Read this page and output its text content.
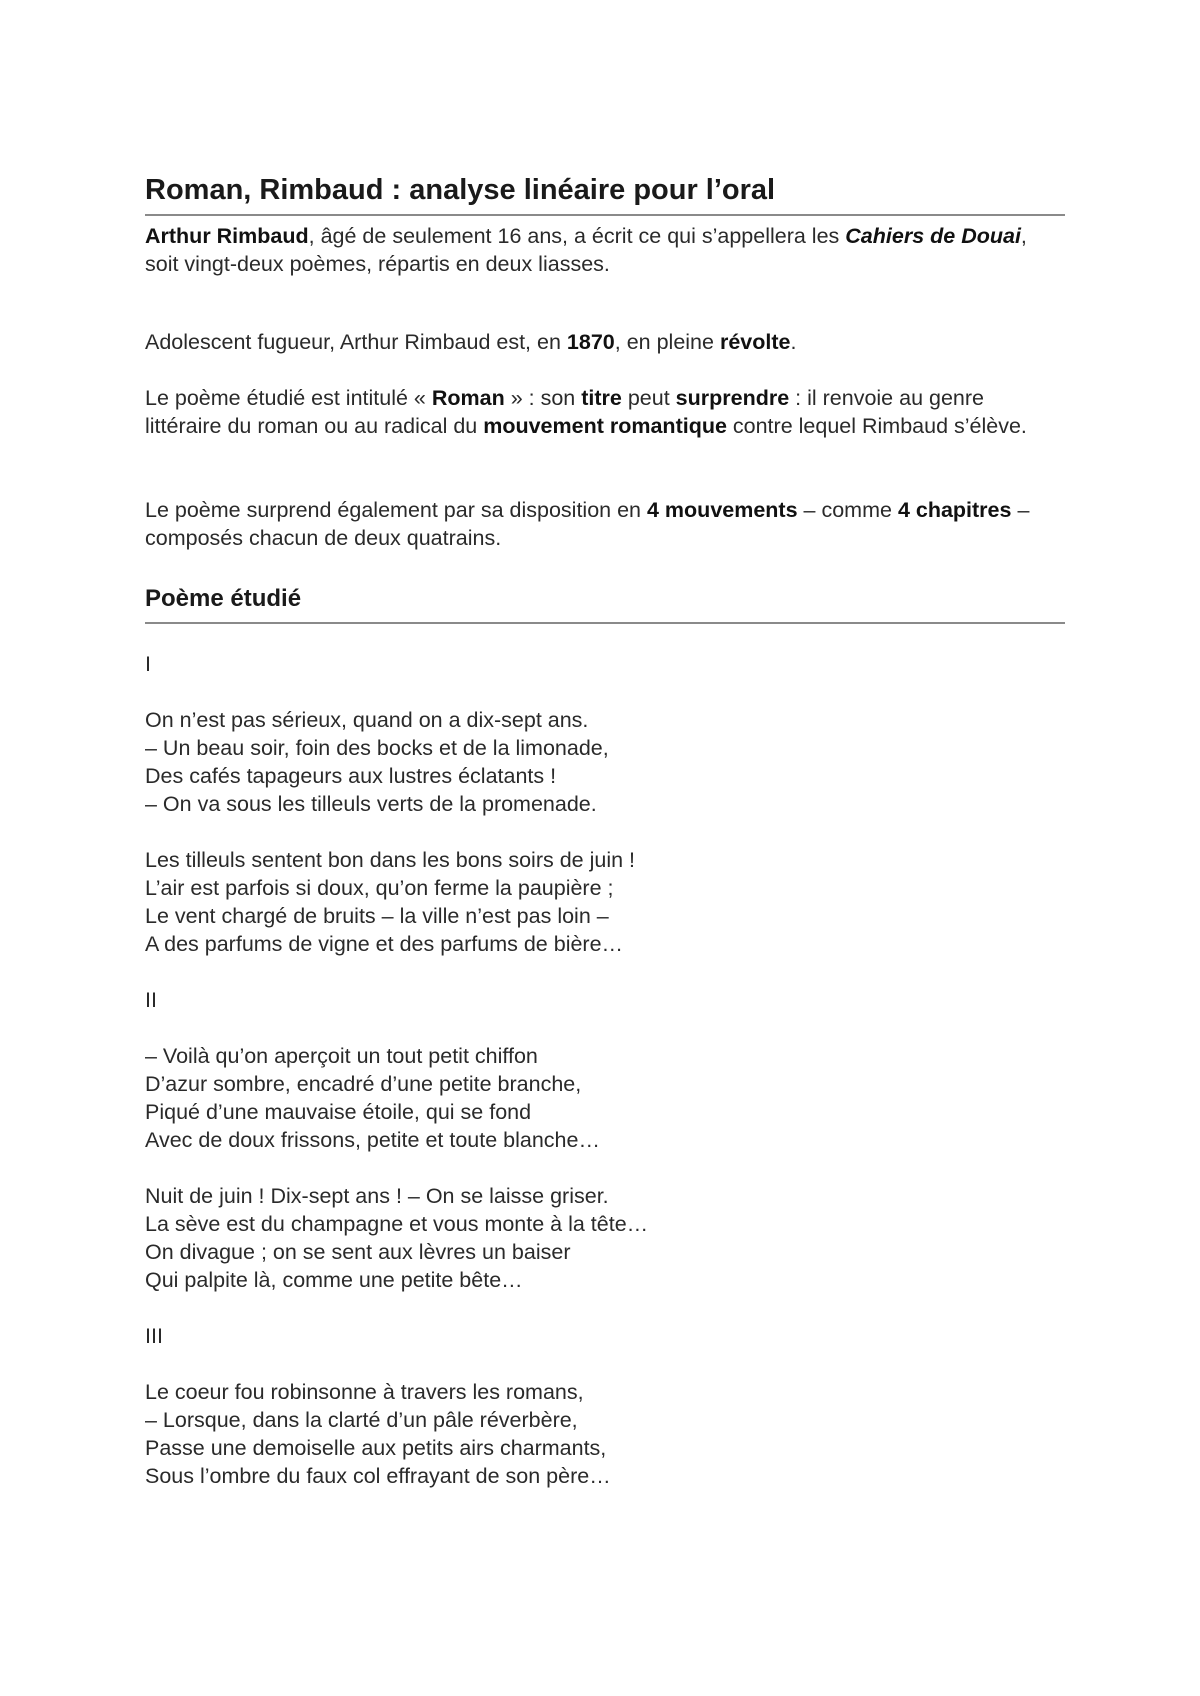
Roman, Rimbaud : analyse linéaire pour l’oral

Arthur Rimbaud, âgé de seulement 16 ans, a écrit ce qui s’appellera les Cahiers de Douai, soit vingt-deux poèmes, répartis en deux liasses.

Adolescent fugueur, Arthur Rimbaud est, en 1870, en pleine révolte.

Le poème étudié est intitulé « Roman » : son titre peut surprendre : il renvoie au genre littéraire du roman ou au radical du mouvement romantique contre lequel Rimbaud s’élève.

Le poème surprend également par sa disposition en 4 mouvements – comme 4 chapitres – composés chacun de deux quatrains.

Poème étudié
I
On n’est pas sérieux, quand on a dix-sept ans.
– Un beau soir, foin des bocks et de la limonade,
Des cafés tapageurs aux lustres éclatants !
– On va sous les tilleuls verts de la promenade.
Les tilleuls sentent bon dans les bons soirs de juin !
L’air est parfois si doux, qu’on ferme la paupière ;
Le vent chargé de bruits – la ville n’est pas loin –
A des parfums de vigne et des parfums de bière…
II
– Voilà qu’on aperçoit un tout petit chiffon
D’azur sombre, encadré d’une petite branche,
Piqué d’une mauvaise étoile, qui se fond
Avec de doux frissons, petite et toute blanche…
Nuit de juin ! Dix-sept ans ! – On se laisse griser.
La sève est du champagne et vous monte à la tête…
On divague ; on se sent aux lèvres un baiser
Qui palpite là, comme une petite bête…
III
Le coeur fou robinsonne à travers les romans,
– Lorsque, dans la clarté d’un pâle réverbère,
Passe une demoiselle aux petits airs charmants,
Sous l’ombre du faux col effrayant de son père…
